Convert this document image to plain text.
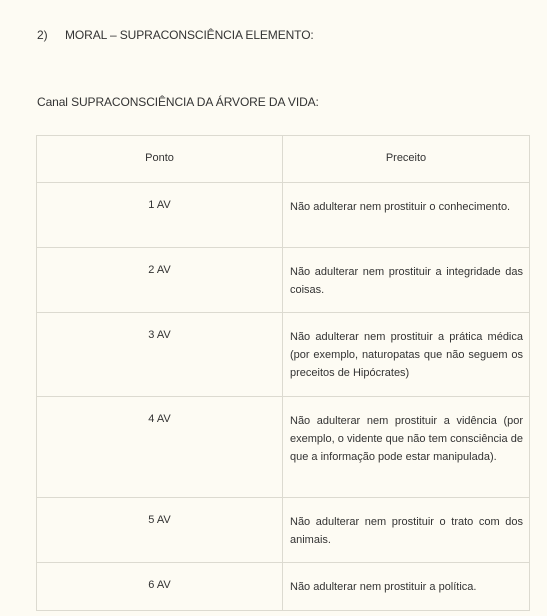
2) MORAL – SUPRACONSCIÊNCIA ELEMENTO:
Canal SUPRACONSCIÊNCIA DA ÁRVORE DA VIDA:
Ponto	Preceito
1 AV	Não adulterar nem prostituir o conhecimento.
2 AV	Não adulterar nem prostituir a integridade das coisas.
3 AV	Não adulterar nem prostituir a prática médica (por exemplo, naturopatas que não seguem os preceitos de Hipócrates)
4 AV	Não adulterar nem prostituir a vidência (por exemplo, o vidente que não tem consciência de que a informação pode estar manipulada).
5 AV	Não adulterar nem prostituir o trato com dos animais.
6 AV	Não adulterar nem prostituir a política.
